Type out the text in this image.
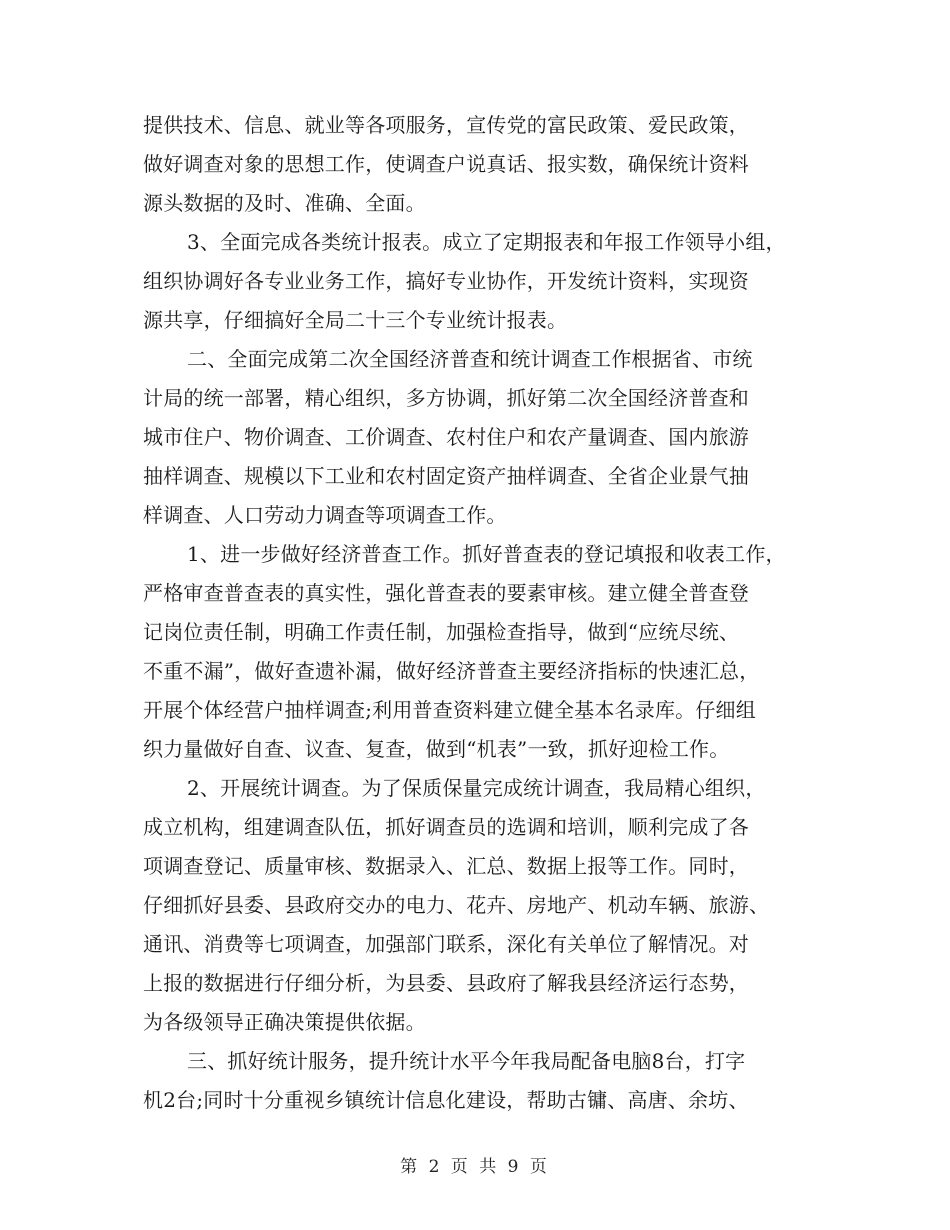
提供技术、信息、就业等各项服务，宣传党的富民政策、爱民政策，
做好调查对象的思想工作，使调查户说真话、报实数，确保统计资料
源头数据的及时、准确、全面。
3、全面完成各类统计报表。成立了定期报表和年报工作领导小组，
组织协调好各专业业务工作，搞好专业协作，开发统计资料，实现资
源共享，仔细搞好全局二十三个专业统计报表。
二、全面完成第二次全国经济普查和统计调查工作根据省、市统
计局的统一部署，精心组织，多方协调，抓好第二次全国经济普查和
城市住户、物价调查、工价调查、农村住户和农产量调查、国内旅游
抽样调查、规模以下工业和农村固定资产抽样调查、全省企业景气抽
样调查、人口劳动力调查等项调查工作。
1、进一步做好经济普查工作。抓好普查表的登记填报和收表工作，
严格审查普查表的真实性，强化普查表的要素审核。建立健全普查登
记岗位责任制，明确工作责任制，加强检查指导，做到“应统尽统、
不重不漏”，做好查遗补漏，做好经济普查主要经济指标的快速汇总，
开展个体经营户抽样调查;利用普查资料建立健全基本名录库。仔细组
织力量做好自查、议查、复查，做到“机表”一致，抓好迎检工作。
2、开展统计调查。为了保质保量完成统计调查，我局精心组织，
成立机构，组建调查队伍，抓好调查员的选调和培训，顺利完成了各
项调查登记、质量审核、数据录入、汇总、数据上报等工作。同时，
仔细抓好县委、县政府交办的电力、花卉、房地产、机动车辆、旅游、
通讯、消费等七项调查，加强部门联系，深化有关单位了解情况。对
上报的数据进行仔细分析，为县委、县政府了解我县经济运行态势，
为各级领导正确决策提供依据。
三、抓好统计服务，提升统计水平今年我局配备电脑8台，打字
机2台;同时十分重视乡镇统计信息化建设，帮助古镛、高唐、余坊、
第 2 页 共 9 页
